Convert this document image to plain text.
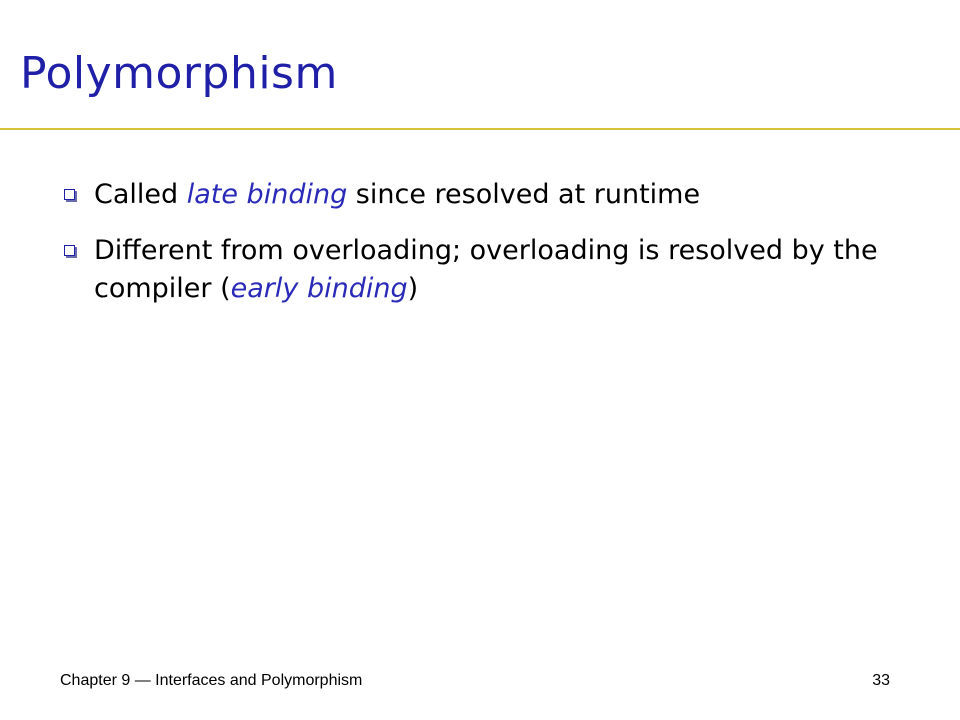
Polymorphism
Called late binding since resolved at runtime
Different from overloading; overloading is resolved by the compiler (early binding)
Chapter 9 — Interfaces and Polymorphism	33
